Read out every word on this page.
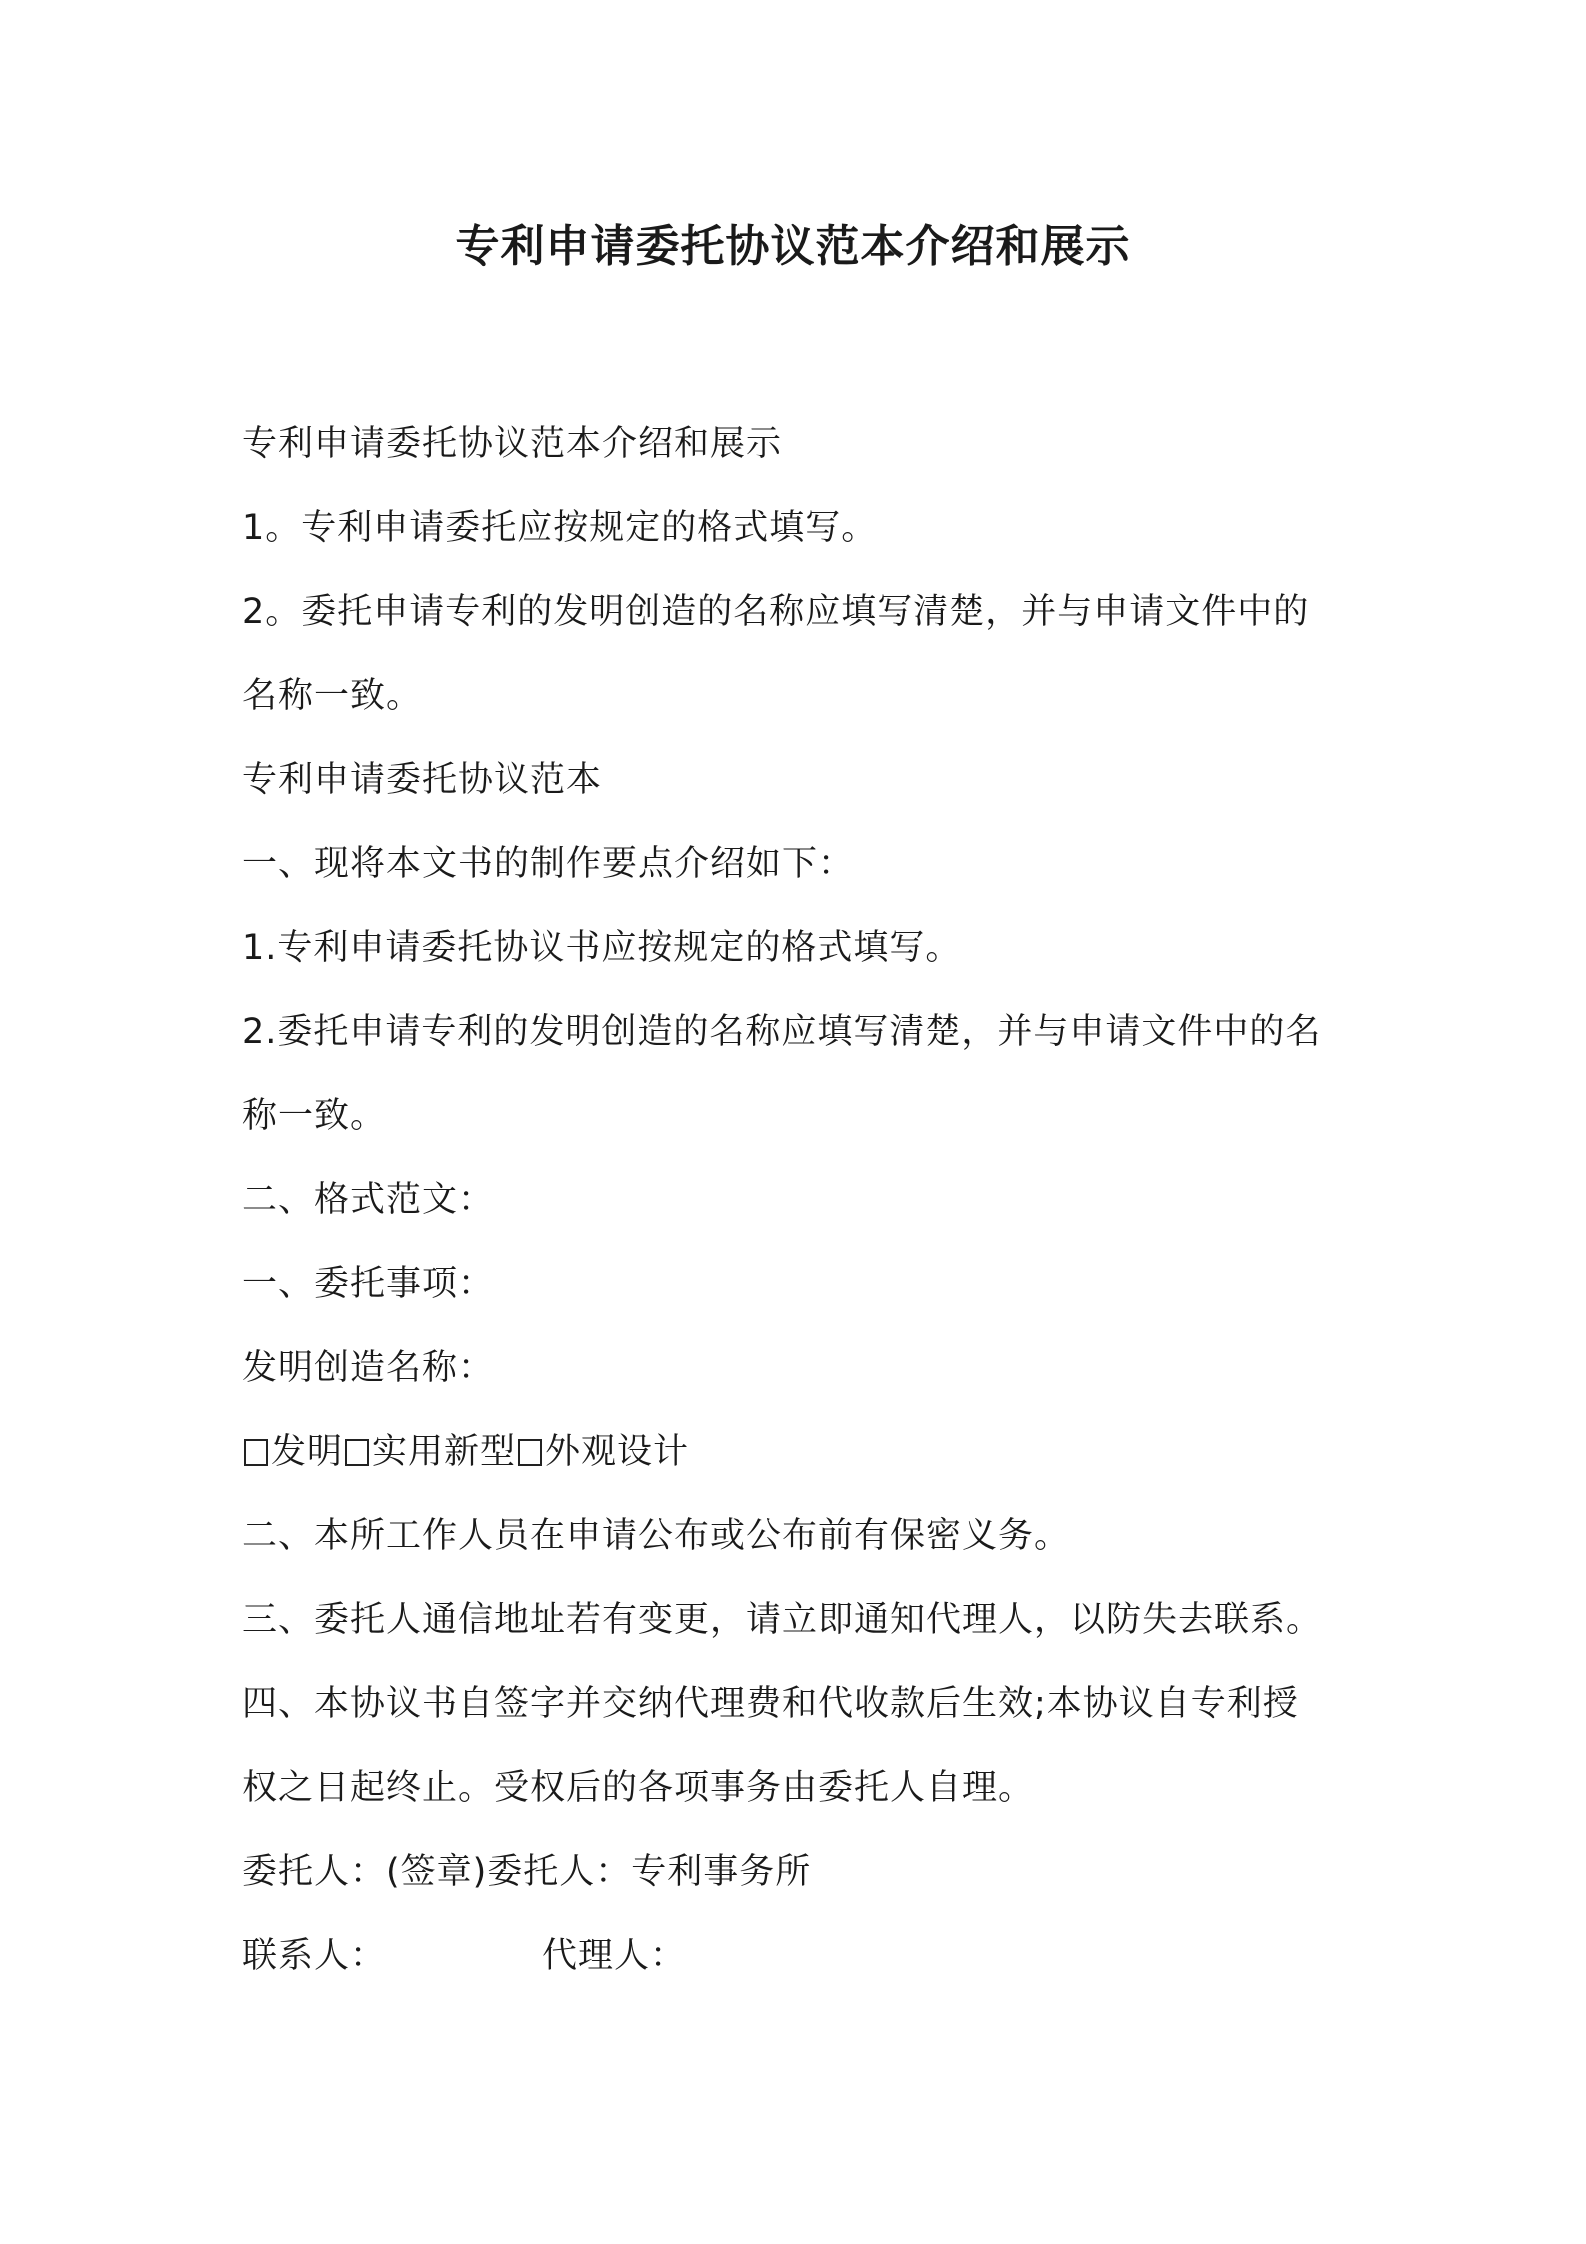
专利申请委托协议范本介绍和展示

专利申请委托协议范本介绍和展示

1。专利申请委托应按规定的格式填写。

2。委托申请专利的发明创造的名称应填写清楚，并与申请文件中的

名称一致。

专利申请委托协议范本

一、现将本文书的制作要点介绍如下：

1.专利申请委托协议书应按规定的格式填写。

2.委托申请专利的发明创造的名称应填写清楚，并与申请文件中的名

称一致。

二、格式范文：

一、委托事项：

发明创造名称：

发明 实用新型 外观设计

二、本所工作人员在申请公布或公布前有保密义务。

三、委托人通信地址若有变更，请立即通知代理人，以防失去联系。

四、本协议书自签字并交纳代理费和代收款后生效;本协议自专利授

权之日起终止。受权后的各项事务由委托人自理。

委托人：(签章)委托人：专利事务所

联系人：	代理人：
